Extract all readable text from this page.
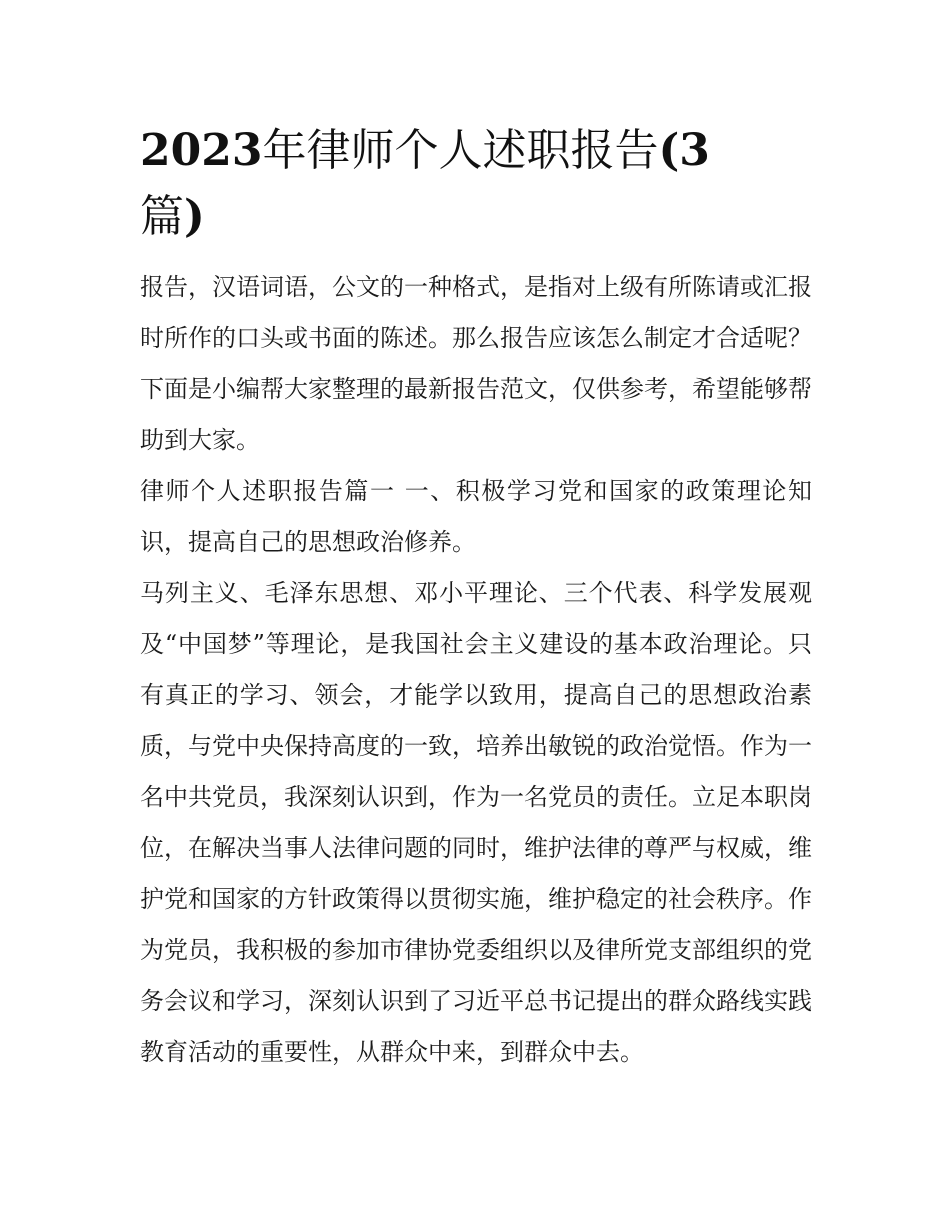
2023年律师个人述职报告(3
篇)

报告，汉语词语，公文的一种格式，是指对上级有所陈请或汇报时所作的口头或书面的陈述。那么报告应该怎么制定才合适呢？下面是小编帮大家整理的最新报告范文，仅供参考，希望能够帮助到大家。

律师个人述职报告篇一 一、积极学习党和国家的政策理论知识，提高自己的思想政治修养。

马列主义、毛泽东思想、邓小平理论、三个代表、科学发展观及“中国梦”等理论，是我国社会主义建设的基本政治理论。只有真正的学习、领会，才能学以致用，提高自己的思想政治素质，与党中央保持高度的一致，培养出敏锐的政治觉悟。作为一名中共党员，我深刻认识到，作为一名党员的责任。立足本职岗位，在解决当事人法律问题的同时，维护法律的尊严与权威，维护党和国家的方针政策得以贯彻实施，维护稳定的社会秩序。作为党员，我积极的参加市律协党委组织以及律所党支部组织的党务会议和学习，深刻认识到了习近平总书记提出的群众路线实践教育活动的重要性，从群众中来，到群众中去。
